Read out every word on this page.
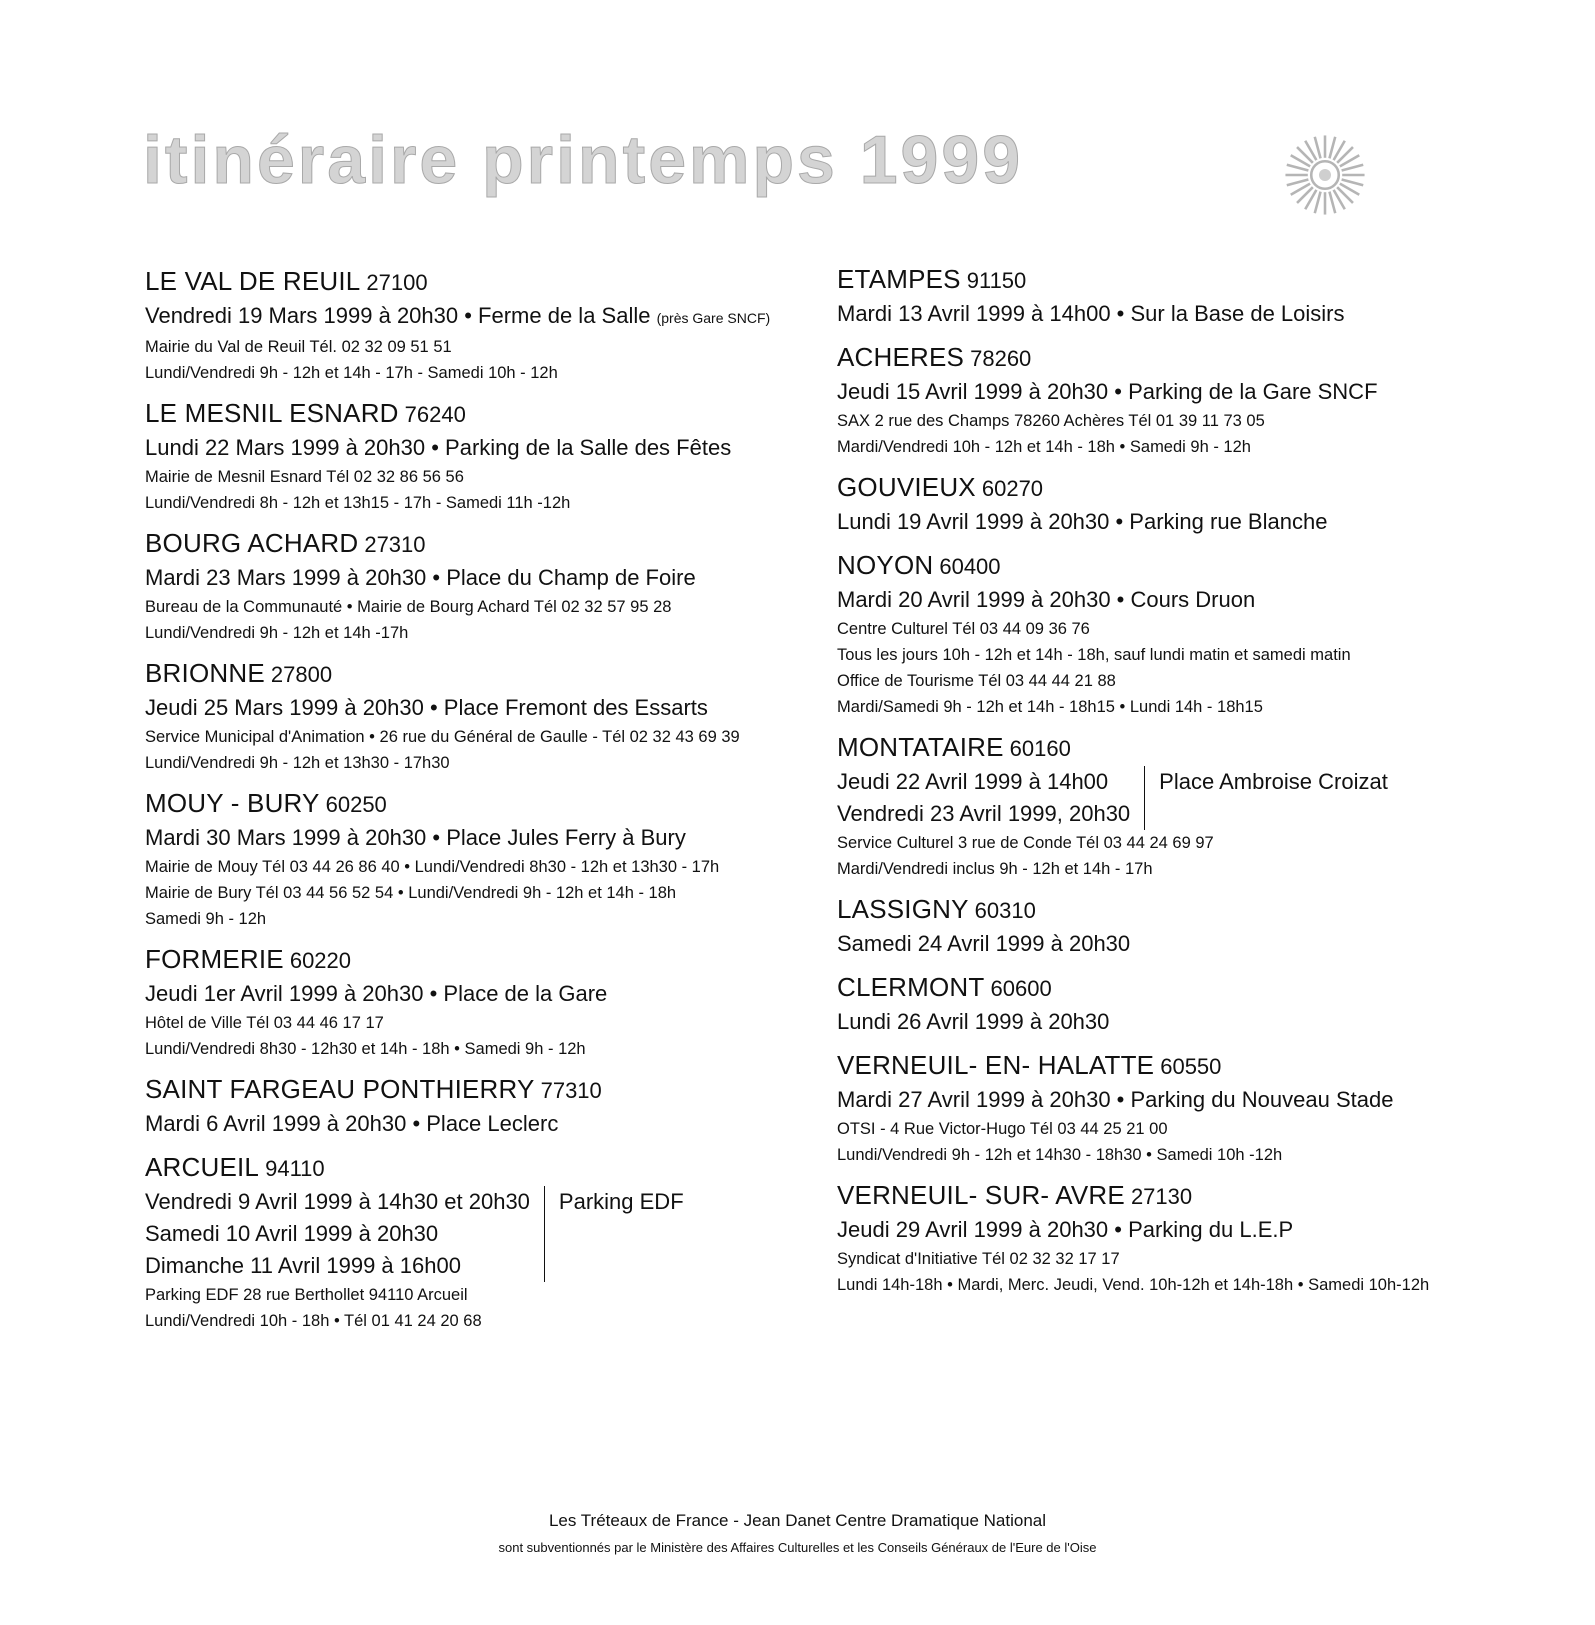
itinéraire printemps 1999
LE VAL DE REUIL 27100
Vendredi 19 Mars 1999 à 20h30 • Ferme de la Salle (près Gare SNCF)
Mairie du Val de Reuil Tél. 02 32 09 51 51
Lundi/Vendredi 9h - 12h et 14h - 17h - Samedi 10h - 12h
LE MESNIL ESNARD 76240
Lundi 22 Mars 1999 à 20h30 • Parking de la Salle des Fêtes
Mairie de Mesnil Esnard Tél 02 32 86 56 56
Lundi/Vendredi 8h - 12h et 13h15 - 17h - Samedi 11h -12h
BOURG ACHARD 27310
Mardi 23 Mars 1999 à 20h30 • Place du Champ de Foire
Bureau de la Communauté • Mairie de Bourg Achard Tél 02 32 57 95 28
Lundi/Vendredi 9h - 12h et 14h -17h
BRIONNE 27800
Jeudi 25 Mars 1999 à 20h30 • Place Fremont des Essarts
Service Municipal d'Animation • 26 rue du Général de Gaulle - Tél 02 32 43 69 39
Lundi/Vendredi 9h - 12h et 13h30 - 17h30
MOUY - BURY 60250
Mardi 30 Mars 1999 à 20h30 • Place Jules Ferry à Bury
Mairie de Mouy Tél 03 44 26 86 40 • Lundi/Vendredi 8h30 - 12h et 13h30 - 17h
Mairie de Bury Tél 03 44 56 52 54 • Lundi/Vendredi 9h - 12h et 14h - 18h
Samedi 9h - 12h
FORMERIE 60220
Jeudi 1er Avril 1999 à 20h30 • Place de la Gare
Hôtel de Ville Tél 03 44 46 17 17
Lundi/Vendredi 8h30 - 12h30 et 14h - 18h • Samedi 9h - 12h
SAINT FARGEAU PONTHIERRY 77310
Mardi 6 Avril 1999 à 20h30 • Place Leclerc
ARCUEIL 94110
Vendredi 9 Avril 1999 à 14h30 et 20h30
Samedi 10 Avril 1999 à 20h30
Dimanche 11 Avril 1999 à 16h00
Parking EDF
Parking EDF 28 rue Berthollet 94110 Arcueil
Lundi/Vendredi 10h - 18h • Tél 01 41 24 20 68
ETAMPES 91150
Mardi 13 Avril 1999 à 14h00 • Sur la Base de Loisirs
ACHERES 78260
Jeudi 15 Avril 1999 à 20h30 • Parking de la Gare SNCF
SAX 2 rue des Champs 78260 Achères Tél 01 39 11 73 05
Mardi/Vendredi 10h - 12h et 14h - 18h • Samedi 9h - 12h
GOUVIEUX 60270
Lundi 19 Avril 1999 à 20h30 • Parking rue Blanche
NOYON 60400
Mardi 20 Avril 1999 à 20h30 • Cours Druon
Centre Culturel Tél 03 44 09 36 76
Tous les jours 10h - 12h et 14h - 18h, sauf lundi matin et samedi matin
Office de Tourisme Tél 03 44 44 21 88
Mardi/Samedi 9h - 12h et 14h - 18h15 • Lundi 14h - 18h15
MONTATAIRE 60160
Jeudi 22 Avril 1999 à 14h00
Vendredi 23 Avril 1999, 20h30
Place Ambroise Croizat
Service Culturel 3 rue de Conde Tél 03 44 24 69 97
Mardi/Vendredi inclus 9h - 12h et 14h - 17h
LASSIGNY 60310
Samedi 24 Avril 1999 à 20h30
CLERMONT 60600
Lundi 26 Avril 1999 à 20h30
VERNEUIL- EN- HALATTE 60550
Mardi 27 Avril 1999 à 20h30 • Parking du Nouveau Stade
OTSI - 4 Rue Victor-Hugo Tél 03 44 25 21 00
Lundi/Vendredi 9h - 12h et 14h30 - 18h30 • Samedi 10h -12h
VERNEUIL- SUR- AVRE 27130
Jeudi 29 Avril 1999 à 20h30 • Parking du L.E.P
Syndicat d'Initiative Tél 02 32 32 17 17
Lundi 14h-18h • Mardi, Merc. Jeudi, Vend. 10h-12h et 14h-18h • Samedi 10h-12h
Les Tréteaux de France - Jean Danet Centre Dramatique National
sont subventionnés par le Ministère des Affaires Culturelles et les Conseils Généraux de l'Eure de l'Oise
